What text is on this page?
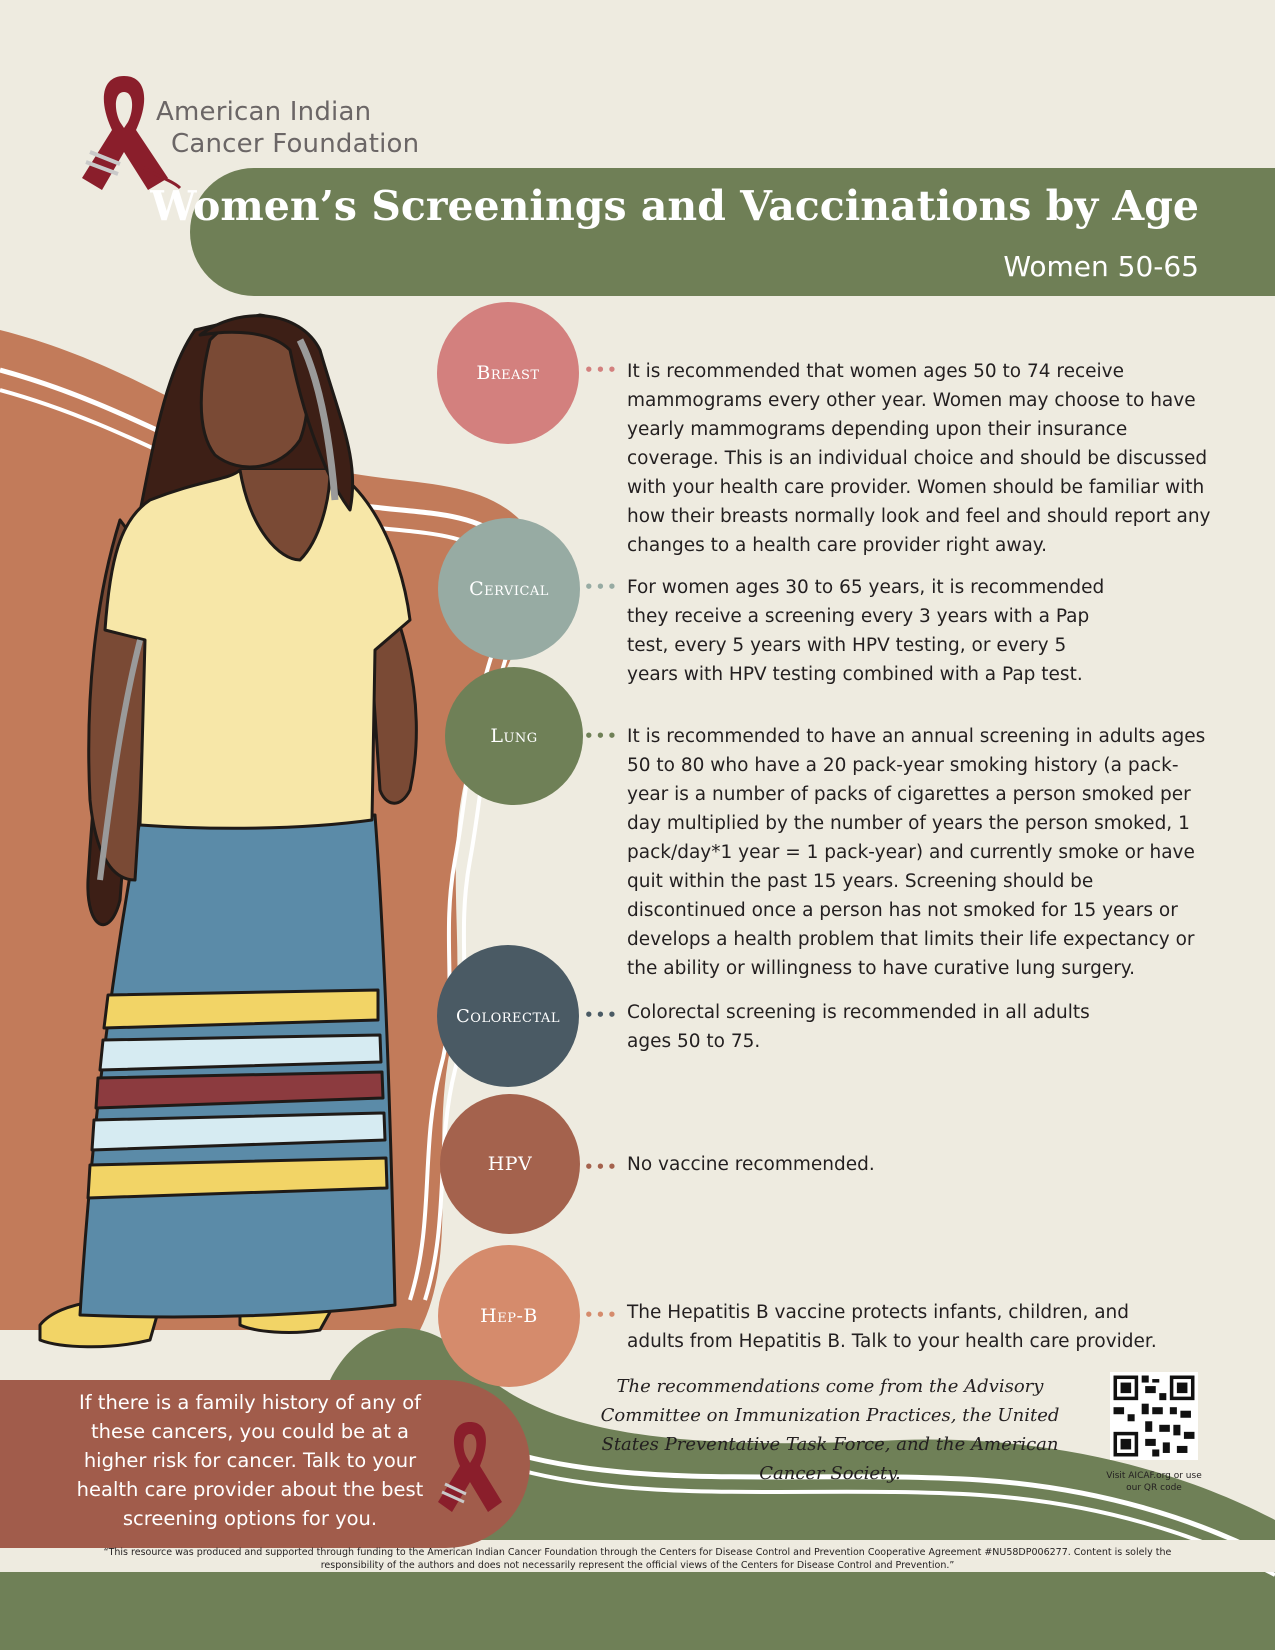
American Indian
Cancer Foundation
Women’s Screenings and Vaccinations by Age
Women 50-65
Breast	••• It is recommended that women ages 50 to 74 receive mammograms every other year. Women may choose to have yearly mammograms depending upon their insurance coverage. This is an individual choice and should be discussed with your health care provider. Women should be familiar with how their breasts normally look and feel and should report any changes to a health care provider right away.
Cervical ••• For women ages 30 to 65 years, it is recommended they receive a screening every 3 years with a Pap test, every 5 years with HPV testing, or every 5 years with HPV testing combined with a Pap test.
Lung	••• It is recommended to have an annual screening in adults ages 50 to 80 who have a 20 pack-year smoking history (a pack-year is a number of packs of cigarettes a person smoked per day multiplied by the number of years the person smoked, 1 pack/day*1 year = 1 pack-year) and currently smoke or have quit within the past 15 years. Screening should be discontinued once a person has not smoked for 15 years or develops a health problem that limits their life expectancy or the ability or willingness to have curative lung surgery.
Colorectal ••• Colorectal screening is recommended in all adults ages 50 to 75.
HPV	••• No vaccine recommended.
Hep-B	••• The Hepatitis B vaccine protects infants, children, and adults from Hepatitis B. Talk to your health care provider.
If there is a family history of any of these cancers, you could be at a higher risk for cancer. Talk to your health care provider about the best screening options for you.
The recommendations come from the Advisory Committee on Immunization Practices, the United States Preventative Task Force, and the American Cancer Society.	Visit AICAF.org or use our QR code
“This resource was produced and supported through funding to the American Indian Cancer Foundation through the Centers for Disease Control and Prevention Cooperative Agreement #NU58DP006277. Content is solely the responsibility of the authors and does not necessarily represent the official views of the Centers for Disease Control and Prevention.”
